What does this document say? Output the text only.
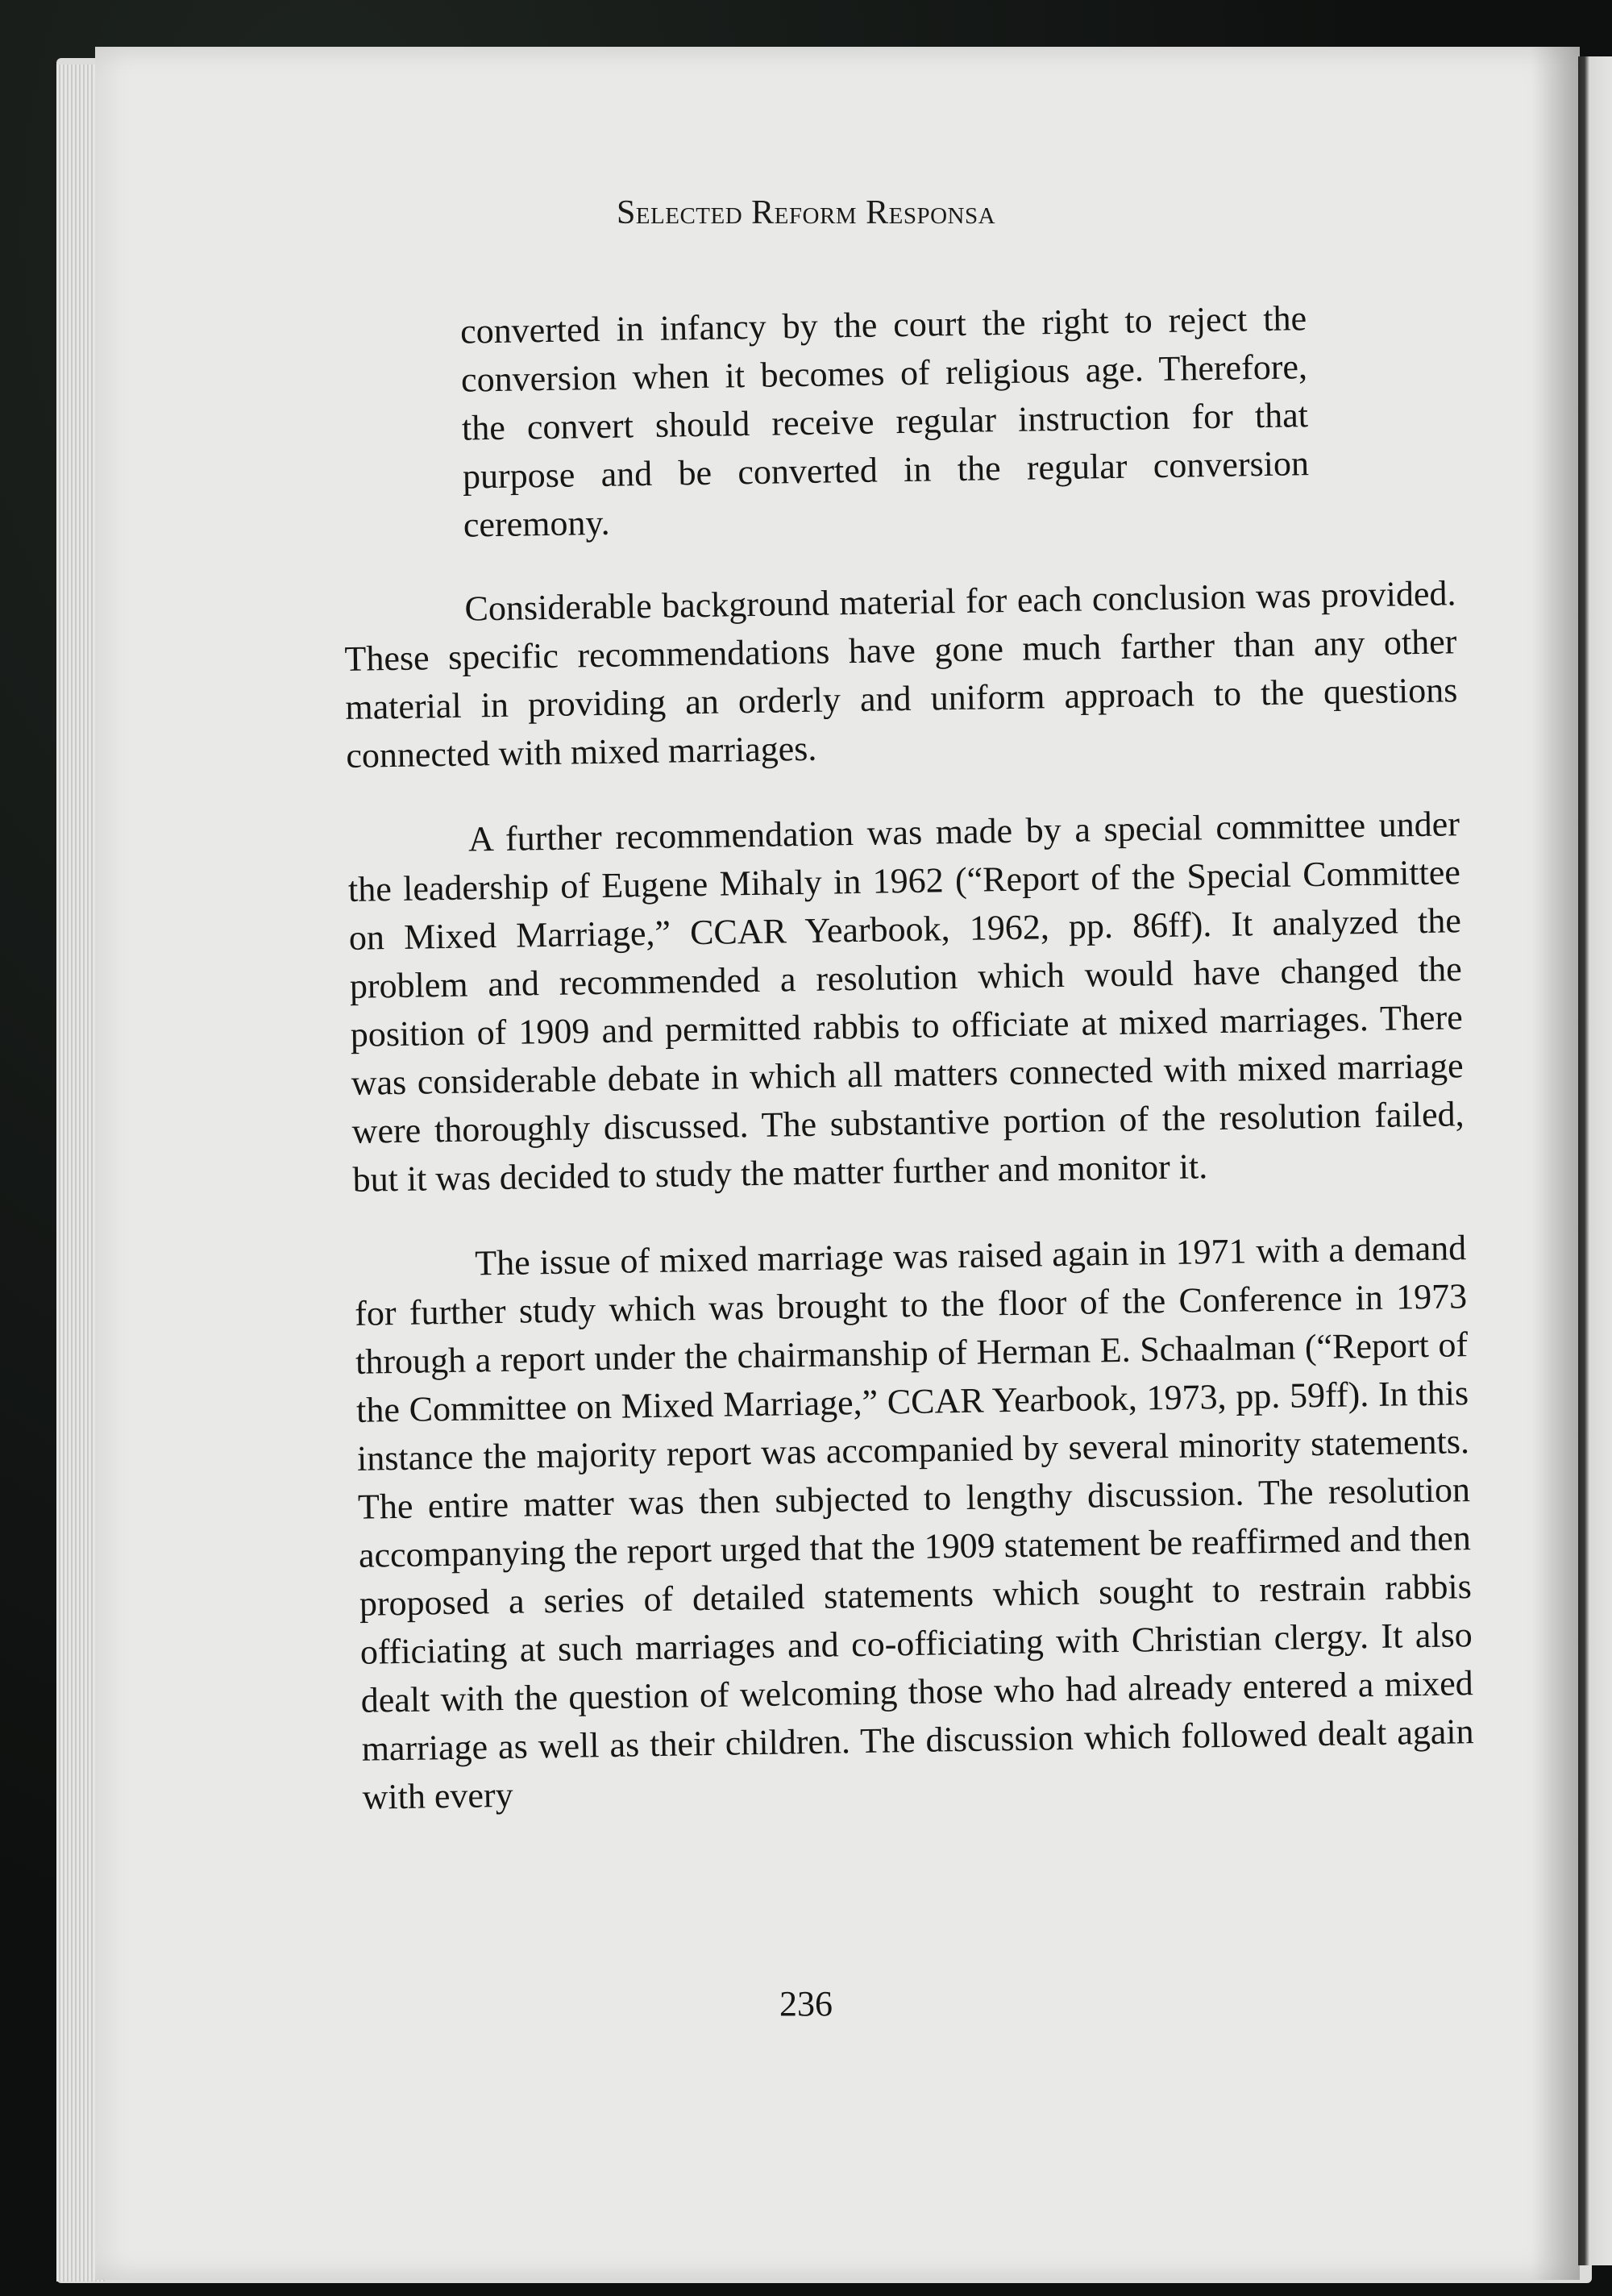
Selected Reform Responsa

converted in infancy by the court the right to reject the conversion when it becomes of religious age. Therefore, the convert should receive regular instruction for that purpose and be converted in the regular conversion ceremony.

Considerable background material for each conclusion was provided. These specific recommendations have gone much farther than any other material in providing an orderly and uniform approach to the questions connected with mixed marriages.

A further recommendation was made by a special committee under the leadership of Eugene Mihaly in 1962 (“Report of the Special Committee on Mixed Marriage,” CCAR Yearbook, 1962, pp. 86ff). It analyzed the problem and recommended a resolution which would have changed the position of 1909 and permitted rabbis to officiate at mixed marriages. There was considerable debate in which all matters connected with mixed marriage were thoroughly discussed. The substantive portion of the resolution failed, but it was decided to study the matter further and monitor it.

The issue of mixed marriage was raised again in 1971 with a demand for further study which was brought to the floor of the Conference in 1973 through a report under the chairmanship of Herman E. Schaalman (“Report of the Committee on Mixed Marriage,” CCAR Yearbook, 1973, pp. 59ff). In this instance the majority report was accompanied by several minority statements. The entire matter was then subjected to lengthy discussion. The resolution accompanying the report urged that the 1909 statement be reaffirmed and then proposed a series of detailed statements which sought to restrain rabbis officiating at such marriages and co-officiating with Christian clergy. It also dealt with the question of welcoming those who had already entered a mixed marriage as well as their children. The discussion which followed dealt again with every

236
